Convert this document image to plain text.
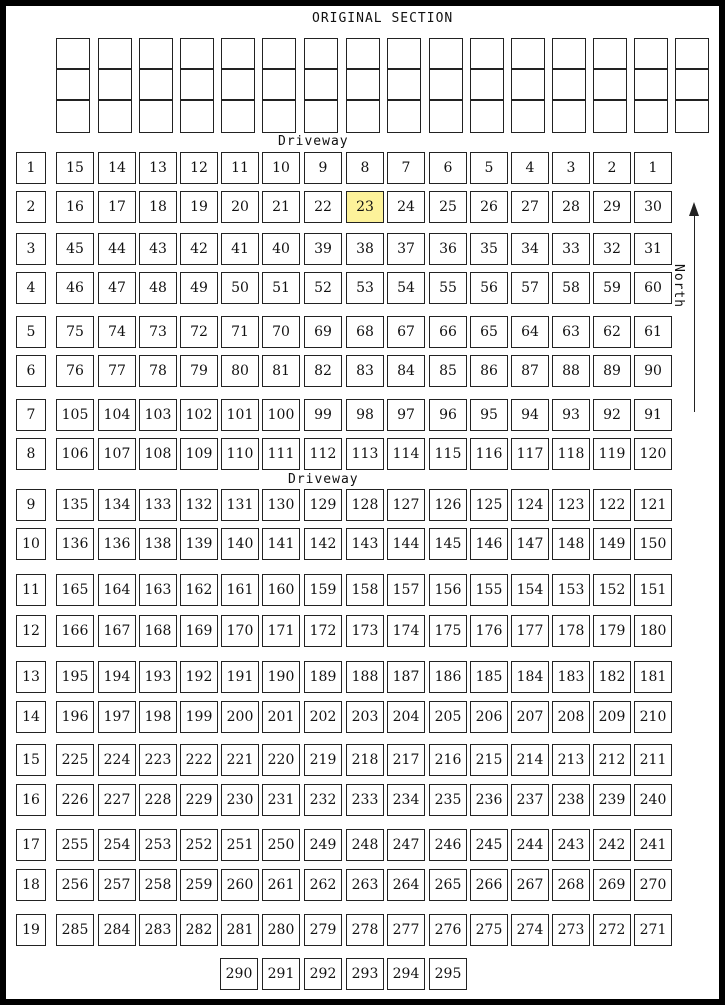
ORIGINAL SECTION
Driveway
Driveway
1	15	14	13	12	11	10	9	8	7	6	5	4	3	2	1
2	16	17	18	19	20	21	22	23	24	25	26	27	28	29	30
3	45	44	43	42	41	40	39	38	37	36	35	34	33	32	31
4	46	47	48	49	50	51	52	53	54	55	56	57	58	59	60
5	75	74	73	72	71	70	69	68	67	66	65	64	63	62	61
6	76	77	78	79	80	81	82	83	84	85	86	87	88	89	90
7	105	104	103	102	101	100	99	98	97	96	95	94	93	92	91
8	106	107	108	109	110	111	112	113	114	115	116	117	118	119	120
9	135	134	133	132	131	130	129	128	127	126	125	124	123	122	121
10	136	136	138	139	140	141	142	143	144	145	146	147	148	149	150
11	165	164	163	162	161	160	159	158	157	156	155	154	153	152	151
12	166	167	168	169	170	171	172	173	174	175	176	177	178	179	180
13	195	194	193	192	191	190	189	188	187	186	185	184	183	182	181
14	196	197	198	199	200	201	202	203	204	205	206	207	208	209	210
15	225	224	223	222	221	220	219	218	217	216	215	214	213	212	211
16	226	227	228	229	230	231	232	233	234	235	236	237	238	239	240
17	255	254	253	252	251	250	249	248	247	246	245	244	243	242	241
18	256	257	258	259	260	261	262	263	264	265	266	267	268	269	270
19	285	284	283	282	281	280	279	278	277	276	275	274	273	272	271
290	291	292	293	294	295
North
